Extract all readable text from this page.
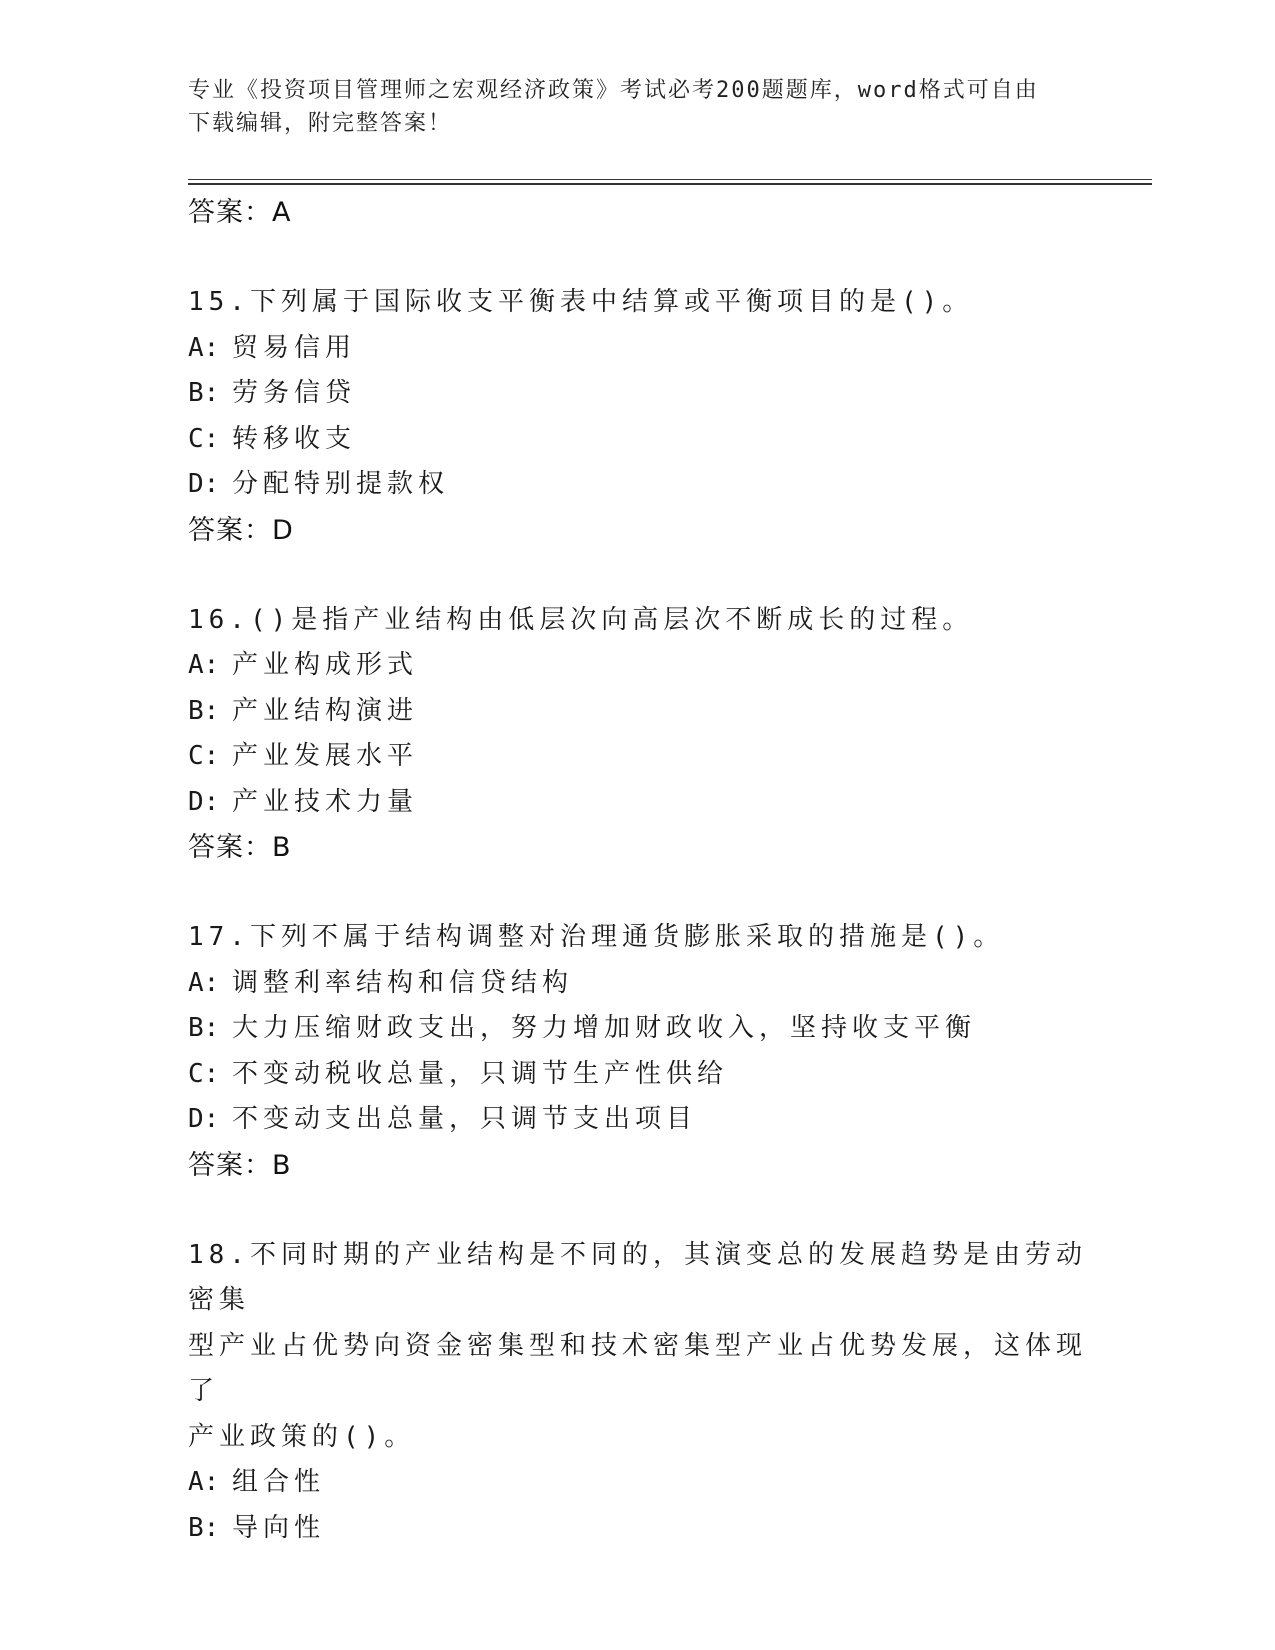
专业《投资项目管理师之宏观经济政策》考试必考200题题库，word格式可自由
下载编辑，附完整答案！
答案：A
15.下列属于国际收支平衡表中结算或平衡项目的是()。
A: 贸易信用
B: 劳务信贷
C: 转移收支
D: 分配特别提款权
答案：D
16.()是指产业结构由低层次向高层次不断成长的过程。
A: 产业构成形式
B: 产业结构演进
C: 产业发展水平
D: 产业技术力量
答案：B
17.下列不属于结构调整对治理通货膨胀采取的措施是()。
A: 调整利率结构和信贷结构
B: 大力压缩财政支出，努力增加财政收入，坚持收支平衡
C: 不变动税收总量，只调节生产性供给
D: 不变动支出总量，只调节支出项目
答案：B
18.不同时期的产业结构是不同的，其演变总的发展趋势是由劳动密集
型产业占优势向资金密集型和技术密集型产业占优势发展，这体现了
产业政策的()。
A: 组合性
B: 导向性
